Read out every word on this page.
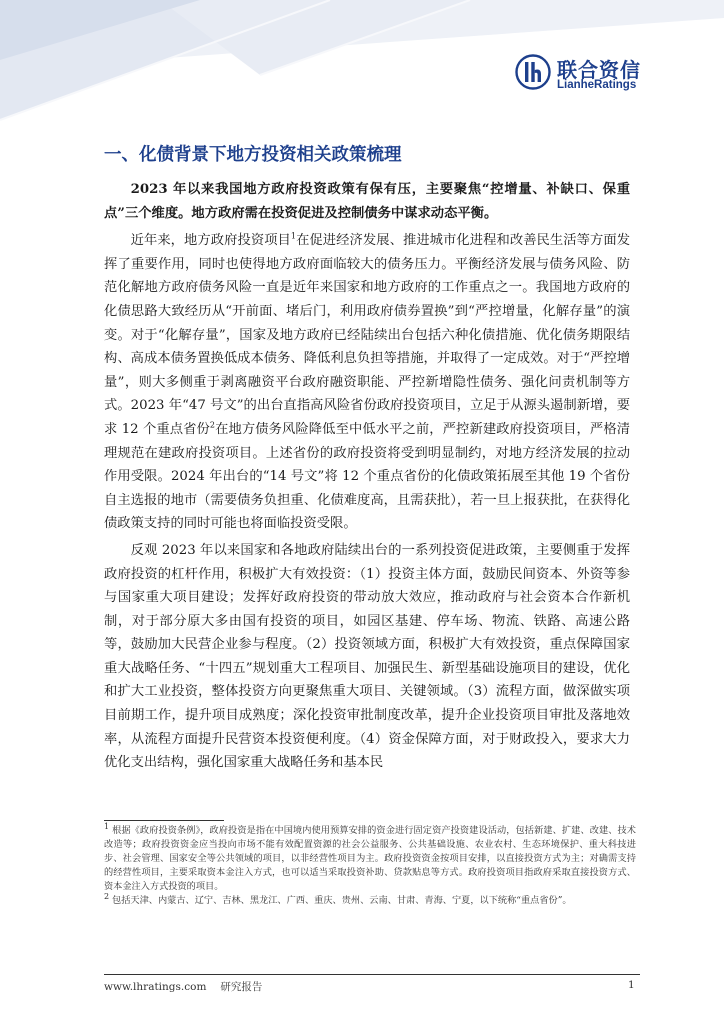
联合资信
LianheRatings
一、化债背景下地方投资相关政策梳理

2023 年以来我国地方政府投资政策有保有压，主要聚焦“控增量、补缺口、保重点”三个维度。地方政府需在投资促进及控制债务中谋求动态平衡。

近年来，地方政府投资项目$^1$在促进经济发展、推进城市化进程和改善民生活等方面发挥了重要作用，同时也使得地方政府面临较大的债务压力。平衡经济发展与债务风险、防范化解地方政府债务风险一直是近年来国家和地方政府的工作重点之一。我国地方政府的化债思路大致经历从“开前面、堵后门，利用政府债券置换”到“严控增量，化解存量”的演变。对于“化解存量”，国家及地方政府已经陆续出台包括六种化债措施、优化债务期限结构、高成本债务置换低成本债务、降低利息负担等措施，并取得了一定成效。对于“严控增量”，则大多侧重于剥离融资平台政府融资职能、严控新增隐性债务、强化问责机制等方式。2023 年“47 号文”的出台直指高风险省份政府投资项目，立足于从源头遏制新增，要求 12 个重点省份$^2$在地方债务风险降低至中低水平之前，严控新建政府投资项目，严格清理规范在建政府投资项目。上述省份的政府投资将受到明显制约，对地方经济发展的拉动作用受限。2024 年出台的“14 号文”将 12 个重点省份的化债政策拓展至其他 19 个省份自主选报的地市（需要债务负担重、化债难度高，且需获批），若一旦上报获批，在获得化债政策支持的同时可能也将面临投资受限。

反观 2023 年以来国家和各地政府陆续出台的一系列投资促进政策，主要侧重于发挥政府投资的杠杆作用，积极扩大有效投资：（1）投资主体方面，鼓励民间资本、外资等参与国家重大项目建设；发挥好政府投资的带动放大效应，推动政府与社会资本合作新机制，对于部分原大多由国有投资的项目，如园区基建、停车场、物流、铁路、高速公路等，鼓励加大民营企业参与程度。（2）投资领域方面，积极扩大有效投资，重点保障国家重大战略任务、“十四五”规划重大工程项目、加强民生、新型基础设施项目的建设，优化和扩大工业投资，整体投资方向更聚焦重大项目、关键领域。（3）流程方面，做深做实项目前期工作，提升项目成熟度；深化投资审批制度改革，提升企业投资项目审批及落地效率，从流程方面提升民营资本投资便利度。（4）资金保障方面，对于财政投入，要求大力优化支出结构，强化国家重大战略任务和基本民

$^1$ 根据《政府投资条例》，政府投资是指在中国境内使用预算安排的资金进行固定资产投资建设活动，包括新建、扩建、改建、技术改造等；政府投资资金应当投向市场不能有效配置资源的社会公益服务、公共基础设施、农业农村、生态环境保护、重大科技进步、社会管理、国家安全等公共领域的项目，以非经营性项目为主。政府投资资金按项目安排，以直接投资方式为主；对确需支持的经营性项目，主要采取资本金注入方式，也可以适当采取投资补助、贷款贴息等方式。政府投资项目指政府采取直接投资方式、资本金注入方式投资的项目。

$^2$ 包括天津、内蒙古、辽宁、吉林、黑龙江、广西、重庆、贵州、云南、甘肃、青海、宁夏，以下统称“重点省份”。

www.lhratings.com 研究报告	1
